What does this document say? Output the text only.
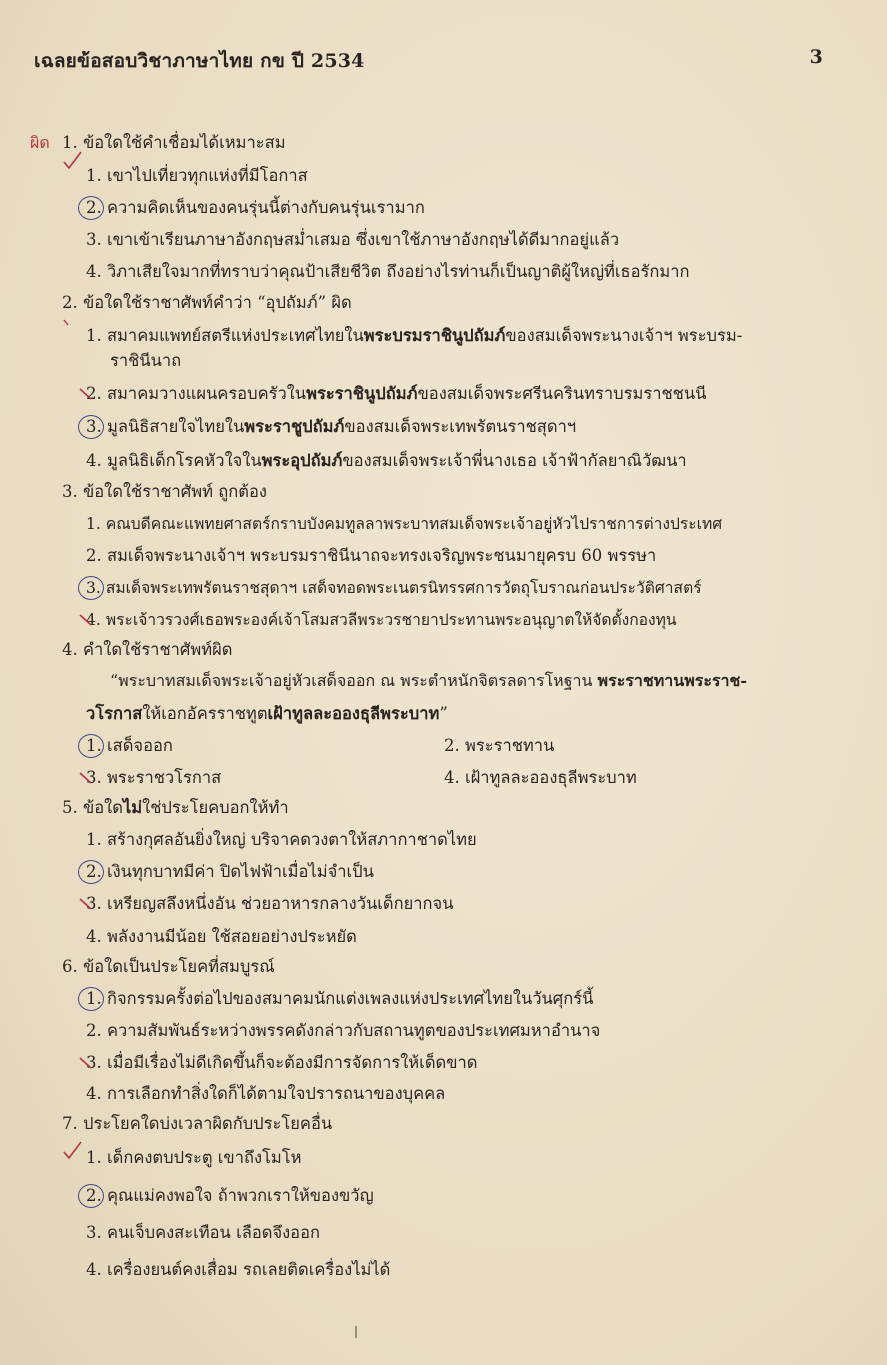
เฉลยข้อสอบวิชาภาษาไทย กข ปี 2534	3
ผิด 1. ข้อใดใช้คำเชื่อมได้เหมาะสม
1. เขาไปเที่ยวทุกแห่งที่มีโอกาส
2. ความคิดเห็นของคนรุ่นนี้ต่างกับคนรุ่นเรามาก
3. เขาเข้าเรียนภาษาอังกฤษสม่ำเสมอ ซึ่งเขาใช้ภาษาอังกฤษได้ดีมากอยู่แล้ว
4. วิภาเสียใจมากที่ทราบว่าคุณป้าเสียชีวิต ถึงอย่างไรท่านก็เป็นญาติผู้ใหญ่ที่เธอรักมาก
2. ข้อใดใช้ราชาศัพท์คำว่า “อุปถัมภ์” ผิด
1. สมาคมแพทย์สตรีแห่งประเทศไทยในพระบรมราชินูปถัมภ์ของสมเด็จพระนางเจ้าฯ พระบรม-
ราชินีนาถ
2. สมาคมวางแผนครอบครัวในพระราชินูปถัมภ์ของสมเด็จพระศรีนครินทราบรมราชชนนี
3. มูลนิธิสายใจไทยในพระราชูปถัมภ์ของสมเด็จพระเทพรัตนราชสุดาฯ
4. มูลนิธิเด็กโรคหัวใจในพระอุปถัมภ์ของสมเด็จพระเจ้าพี่นางเธอ เจ้าฟ้ากัลยาณิวัฒนา
3. ข้อใดใช้ราชาศัพท์ ถูกต้อง
1. คณบดีคณะแพทยศาสตร์กราบบังคมทูลลาพระบาทสมเด็จพระเจ้าอยู่หัวไปราชการต่างประเทศ
2. สมเด็จพระนางเจ้าฯ พระบรมราชินีนาถจะทรงเจริญพระชนมายุครบ 60 พรรษา
3. สมเด็จพระเทพรัตนราชสุดาฯ เสด็จทอดพระเนตรนิทรรศการวัตถุโบราณก่อนประวัติศาสตร์
4. พระเจ้าวรวงศ์เธอพระองค์เจ้าโสมสวลีพระวรชายาประทานพระอนุญาตให้จัดตั้งกองทุน
4. คำใดใช้ราชาศัพท์ผิด
“พระบาทสมเด็จพระเจ้าอยู่หัวเสด็จออก ณ พระตำหนักจิตรลดารโหฐาน พระราชทานพระราช-
วโรกาสให้เอกอัครราชทูตเฝ้าทูลละอองธุลีพระบาท”
1. เสด็จออก	2. พระราชทาน
3. พระราชวโรกาส	4. เฝ้าทูลละอองธุลีพระบาท
5. ข้อใดไม่ใช่ประโยคบอกให้ทำ
1. สร้างกุศลอันยิ่งใหญ่ บริจาคดวงตาให้สภากาชาดไทย
2. เงินทุกบาทมีค่า ปิดไฟฟ้าเมื่อไม่จำเป็น
3. เหรียญสลึงหนึ่งอัน ช่วยอาหารกลางวันเด็กยากจน
4. พลังงานมีน้อย ใช้สอยอย่างประหยัด
6. ข้อใดเป็นประโยคที่สมบูรณ์
1. กิจกรรมครั้งต่อไปของสมาคมนักแต่งเพลงแห่งประเทศไทยในวันศุกร์นี้
2. ความสัมพันธ์ระหว่างพรรคดังกล่าวกับสถานทูตของประเทศมหาอำนาจ
3. เมื่อมีเรื่องไม่ดีเกิดขึ้นก็จะต้องมีการจัดการให้เด็ดขาด
4. การเลือกทำสิ่งใดก็ได้ตามใจปรารถนาของบุคคล
7. ประโยคใดบ่งเวลาผิดกับประโยคอื่น
1. เด็กคงตบประตู เขาถึงโมโห
2. คุณแม่คงพอใจ ถ้าพวกเราให้ของขวัญ
3. คนเจ็บคงสะเทือน เลือดจึงออก
4. เครื่องยนต์คงเสื่อม รถเลยติดเครื่องไม่ได้
